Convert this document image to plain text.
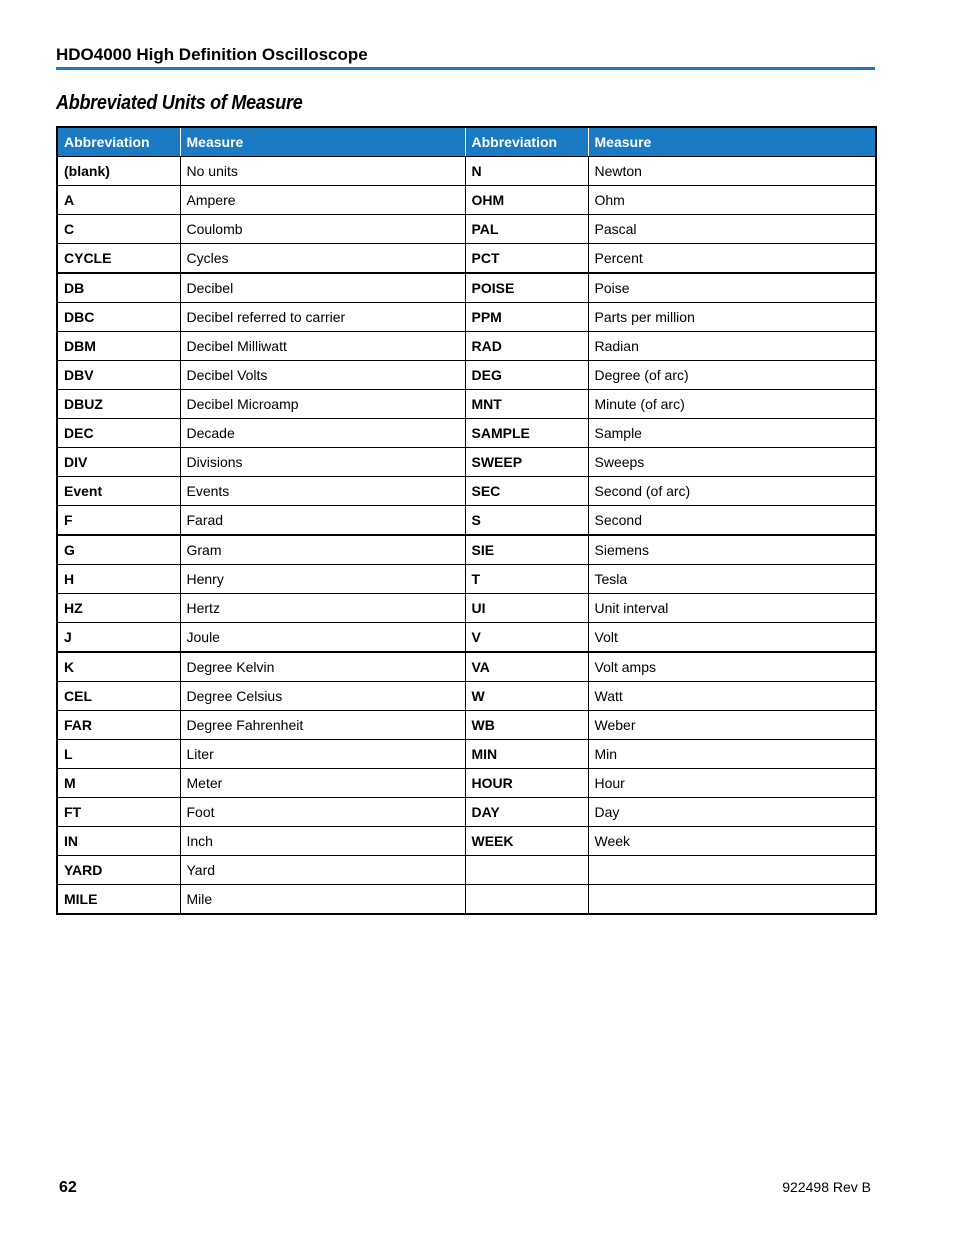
HDO4000 High Definition Oscilloscope
Abbreviated Units of Measure
Abbreviation	Measure	Abbreviation	Measure
(blank)	No units	N	Newton
A	Ampere	OHM	Ohm
C	Coulomb	PAL	Pascal
CYCLE	Cycles	PCT	Percent
DB	Decibel	POISE	Poise
DBC	Decibel referred to carrier	PPM	Parts per million
DBM	Decibel Milliwatt	RAD	Radian
DBV	Decibel Volts	DEG	Degree (of arc)
DBUZ	Decibel Microamp	MNT	Minute (of arc)
DEC	Decade	SAMPLE	Sample
DIV	Divisions	SWEEP	Sweeps
Event	Events	SEC	Second (of arc)
F	Farad	S	Second
G	Gram	SIE	Siemens
H	Henry	T	Tesla
HZ	Hertz	UI	Unit interval
J	Joule	V	Volt
K	Degree Kelvin	VA	Volt amps
CEL	Degree Celsius	W	Watt
FAR	Degree Fahrenheit	WB	Weber
L	Liter	MIN	Min
M	Meter	HOUR	Hour
FT	Foot	DAY	Day
IN	Inch	WEEK	Week
YARD	Yard		
MILE	Mile		
62	922498 Rev B
